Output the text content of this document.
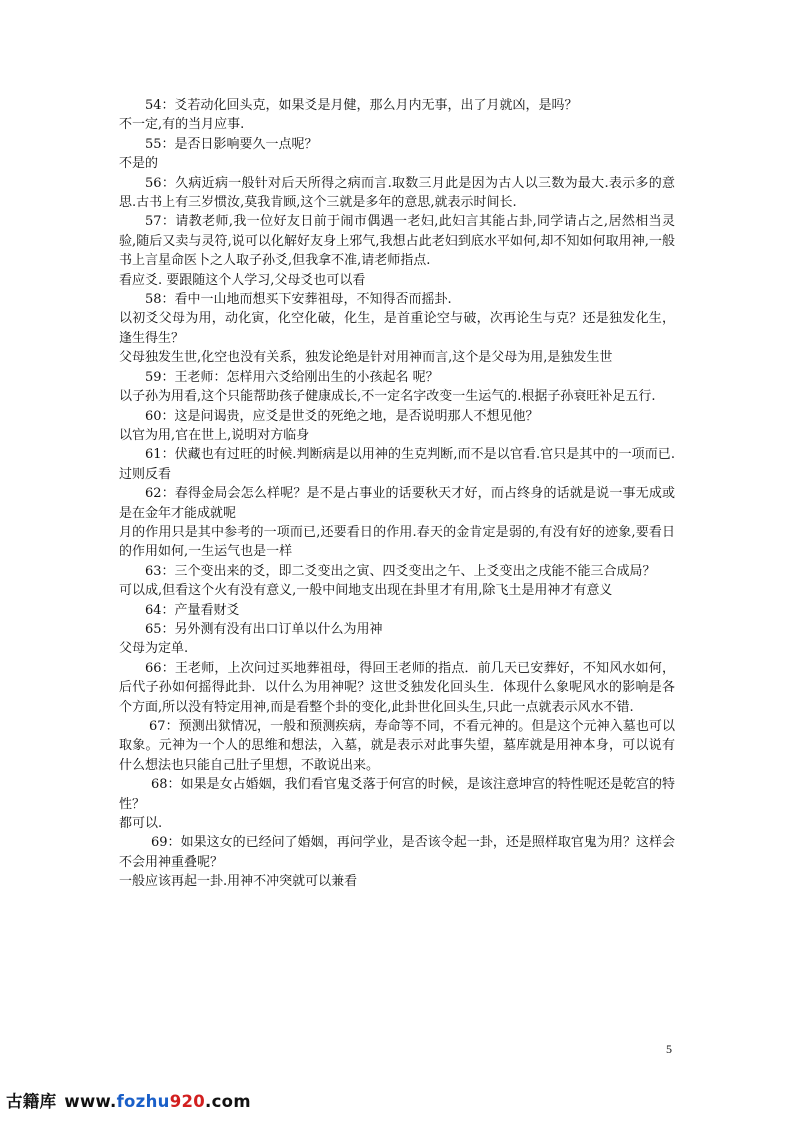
54：爻若动化回头克，如果爻是月健，那么月内无事，出了月就凶，是吗？

不一定,有的当月应事.

55：是否日影响要久一点呢？

不是的

56：久病近病一般针对后天所得之病而言.取数三月此是因为古人以三数为最大.表示多的意思.古书上有三岁惯汝,莫我肯顾,这个三就是多年的意思,就表示时间长.

57：请教老师,我一位好友日前于闹市偶遇一老妇,此妇言其能占卦,同学请占之,居然相当灵验,随后又卖与灵符,说可以化解好友身上邪气,我想占此老妇到底水平如何,却不知如何取用神,一般书上言星命医卜之人取子孙爻,但我拿不准,请老师指点.

看应爻. 要跟随这个人学习,父母爻也可以看

58：看中一山地而想买下安葬祖母，不知得否而摇卦.

以初爻父母为用，动化寅，化空化破，化生，是首重论空与破，次再论生与克？还是独发化生，逢生得生？

父母独发生世,化空也没有关系，独发论绝是针对用神而言,这个是父母为用,是独发生世

59：王老师：怎样用六爻给刚出生的小孩起名 呢？

以子孙为用看,这个只能帮助孩子健康成长,不一定名字改变一生运气的.根据子孙衰旺补足五行.

60：这是问谒贵，应爻是世爻的死绝之地，是否说明那人不想见他？

以官为用,官在世上,说明对方临身

61：伏藏也有过旺的时候.判断病是以用神的生克判断,而不是以官看.官只是其中的一项而已.过则反看

62：春得金局会怎么样呢？是不是占事业的话要秋天才好，而占终身的话就是说一事无成或是在金年才能成就呢

月的作用只是其中参考的一项而已,还要看日的作用.春天的金肯定是弱的,有没有好的迹象,要看日的作用如何,一生运气也是一样

63：三个变出来的爻，即二爻变出之寅、四爻变出之午、上爻变出之戌能不能三合成局？

可以成,但看这个火有没有意义,一般中间地支出现在卦里才有用,除飞土是用神才有意义

64：产量看财爻

65：另外测有没有出口订单以什么为用神

父母为定单.

66：王老师，上次问过买地葬祖母，得回王老师的指点．前几天已安葬好，不知风水如何，后代子孙如何摇得此卦．以什么为用神呢？这世爻独发化回头生．体现什么象呢风水的影响是各个方面,所以没有特定用神,而是看整个卦的变化,此卦世化回头生,只此一点就表示风水不错.

67：预测出狱情况，一般和预测疾病，寿命等不同，不看元神的。但是这个元神入墓也可以取象。元神为一个人的思维和想法，入墓，就是表示对此事失望，墓库就是用神本身，可以说有什么想法也只能自己肚子里想，不敢说出来。

68：如果是女占婚姻，我们看官鬼爻落于何宫的时候，是该注意坤宫的特性呢还是乾宫的特性？

都可以.

69：如果这女的已经问了婚姻，再问学业，是否该令起一卦，还是照样取官鬼为用？这样会不会用神重叠呢？

一般应该再起一卦.用神不冲突就可以兼看

5
古籍库 www.fozhu920.com
